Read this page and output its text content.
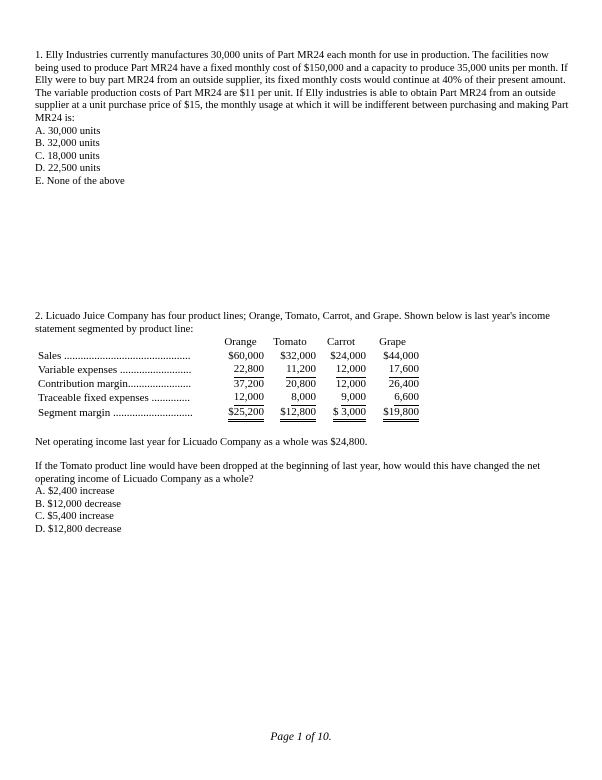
1. Elly Industries currently manufactures 30,000 units of Part MR24 each month for use in production. The facilities now being used to produce Part MR24 have a fixed monthly cost of $150,000 and a capacity to produce 35,000 units per month. If Elly were to buy part MR24 from an outside supplier, its fixed monthly costs would continue at 40% of their present amount. The variable production costs of Part MR24 are $11 per unit. If Elly industries is able to obtain Part MR24 from an outside supplier at a unit purchase price of $15, the monthly usage at which it will be indifferent between purchasing and making Part MR24 is:

A. 30,000 units

B. 32,000 units

C. 18,000 units

D. 22,500 units

E. None of the above

2. Licuado Juice Company has four product lines; Orange, Tomato, Carrot, and Grape. Shown below is last year's income statement segmented by product line:

	Orange	Tomato	Carrot	Grape
Sales ..............................................	$60,000	$32,000	$24,000	$44,000
Variable expenses ..........................	22,800	11,200	12,000	17,600
Contribution margin.......................	37,200	20,800	12,000	26,400
Traceable fixed expenses ..............	12,000	8,000	9,000	6,600
Segment margin .............................	$25,200	$12,800	$ 3,000	$19,800
Net operating income last year for Licuado Company as a whole was $24,800.

If the Tomato product line would have been dropped at the beginning of last year, how would this have changed the net operating income of Licuado Company as a whole?

A. $2,400 increase

B. $12,000 decrease

C. $5,400 increase

D. $12,800 decrease

Page 1 of 10.
